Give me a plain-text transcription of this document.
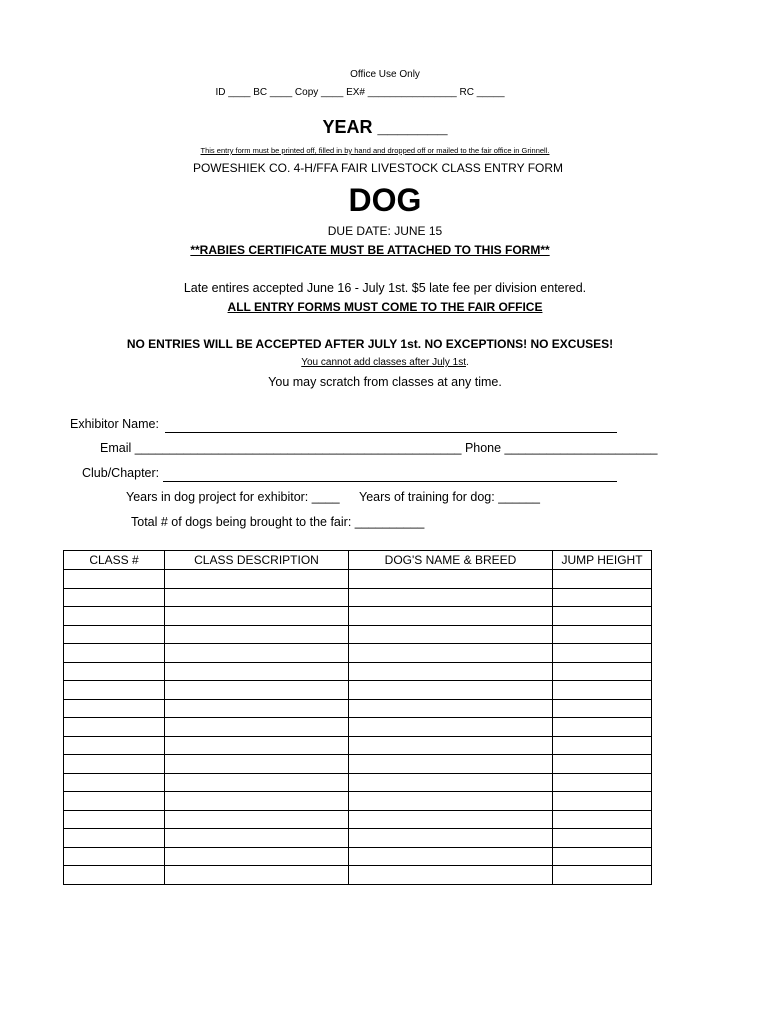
Office Use Only
ID ____ BC ____ Copy ____ EX# ________________ RC _____
YEAR _______
This entry form must be printed off, filled in by hand and dropped off or mailed to the fair office in Grinnell.
POWESHIEK CO. 4-H/FFA FAIR LIVESTOCK CLASS ENTRY FORM
DOG
DUE DATE: JUNE 15
**RABIES CERTIFICATE MUST BE ATTACHED TO THIS FORM**
Late entires accepted June 16 - July 1st. $5 late fee per division entered.
ALL ENTRY FORMS MUST COME TO THE FAIR OFFICE
NO ENTRIES WILL BE ACCEPTED AFTER JULY 1st. NO EXCEPTIONS! NO EXCUSES!
You cannot add classes after July 1st.
You may scratch from classes at any time.
Exhibitor Name:
Email _______________________________________________ Phone ______________________
Club/Chapter:
Years in dog project for exhibitor: ____ Years of training for dog: ______
Total # of dogs being brought to the fair: __________
CLASS #	CLASS DESCRIPTION	DOG'S NAME & BREED	JUMP HEIGHT
